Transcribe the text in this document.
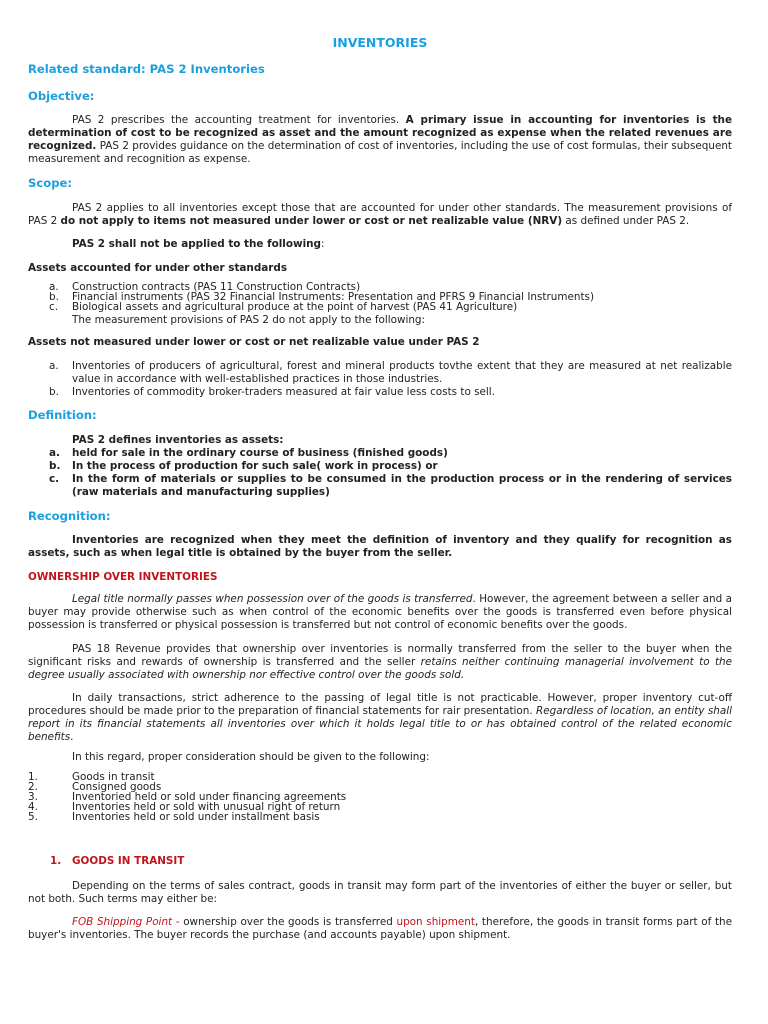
INVENTORIES
Related standard: PAS 2 Inventories
Objective:
PAS 2 prescribes the accounting treatment for inventories. A primary issue in accounting for inventories is the determination of cost to be recognized as asset and the amount recognized as expense when the related revenues are recognized. PAS 2 provides guidance on the determination of cost of inventories, including the use of cost formulas, their subsequent measurement and recognition as expense.
Scope:
PAS 2 applies to all inventories except those that are accounted for under other standards. The measurement provisions of PAS 2 do not apply to items not measured under lower or cost or net realizable value (NRV) as defined under PAS 2.
PAS 2 shall not be applied to the following:
Assets accounted for under other standards
a. Construction contracts (PAS 11 Construction Contracts)
b. Financial instruments (PAS 32 Financial Instruments: Presentation and PFRS 9 Financial Instruments)
c. Biological assets and agricultural produce at the point of harvest (PAS 41 Agriculture)
The measurement provisions of PAS 2 do not apply to the following:
Assets not measured under lower or cost or net realizable value under PAS 2
a. Inventories of producers of agricultural, forest and mineral products tovthe extent that they are measured at net realizable value in accordance with well-established practices in those industries.
b. Inventories of commodity broker-traders measured at fair value less costs to sell.
Definition:
PAS 2 defines inventories as assets:
a. held for sale in the ordinary course of business (finished goods)
b. In the process of production for such sale( work in process) or
c. In the form of materials or supplies to be consumed in the production process or in the rendering of services (raw materials and manufacturing supplies)
Recognition:
Inventories are recognized when they meet the definition of inventory and they qualify for recognition as assets, such as when legal title is obtained by the buyer from the seller.
OWNERSHIP OVER INVENTORIES
Legal title normally passes when possession over of the goods is transferred. However, the agreement between a seller and a buyer may provide otherwise such as when control of the economic benefits over the goods is transferred even before physical possession is transferred or physical possession is transferred but not control of economic benefits over the goods.
PAS 18 Revenue provides that ownership over inventories is normally transferred from the seller to the buyer when the significant risks and rewards of ownership is transferred and the seller retains neither continuing managerial involvement to the degree usually associated with ownership nor effective control over the goods sold.
In daily transactions, strict adherence to the passing of legal title is not practicable. However, proper inventory cut-off procedures should be made prior to the preparation of financial statements for rair presentation. Regardless of location, an entity shall report in its financial statements all inventories over which it holds legal title to or has obtained control of the related economic benefits.
In this regard, proper consideration should be given to the following:
1.	Goods in transit
2.	Consigned goods
3.	Inventoried held or sold under financing agreements
4.	Inventories held or sold with unusual right of return
5.	Inventories held or sold under installment basis
1. GOODS IN TRANSIT
Depending on the terms of sales contract, goods in transit may form part of the inventories of either the buyer or seller, but not both. Such terms may either be:
FOB Shipping Point - ownership over the goods is transferred upon shipment, therefore, the goods in transit forms part of the buyer's inventories. The buyer records the purchase (and accounts payable) upon shipment.
